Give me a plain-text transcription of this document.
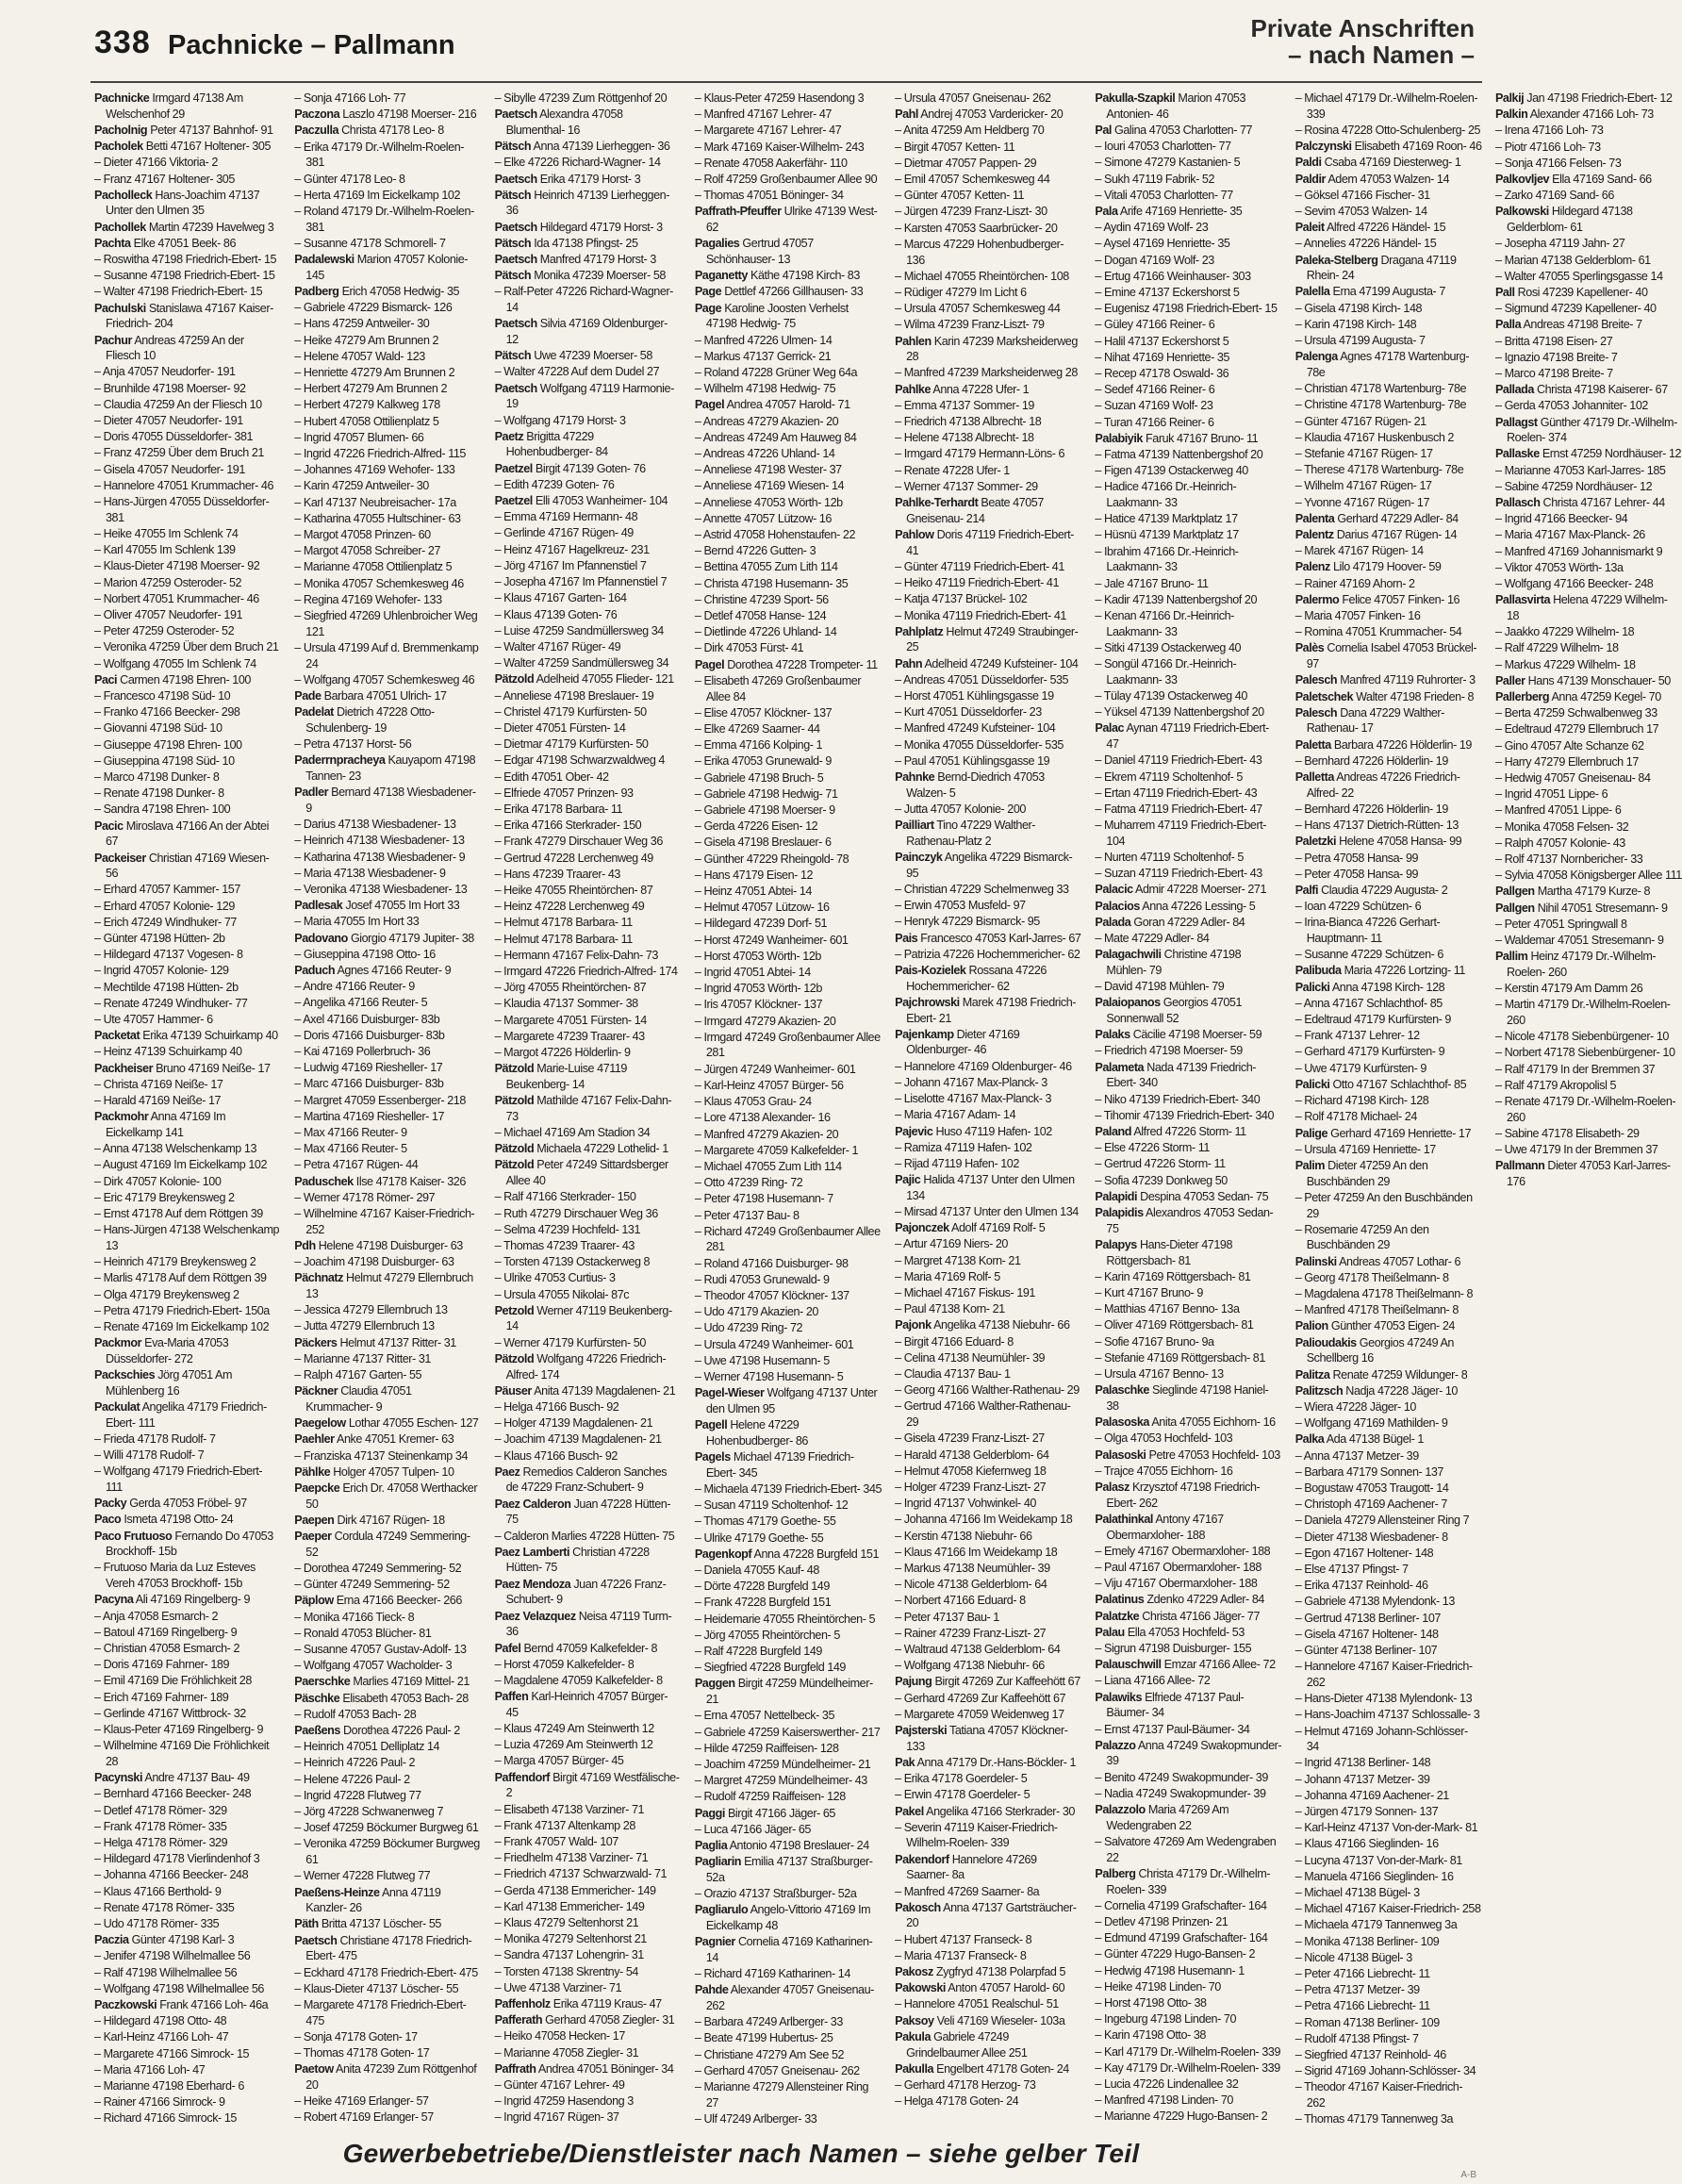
338 Pachnicke – Pallmann
Private Anschriften
– nach Namen –
Pachnicke Irmgard 47138 Am Welschenhof 29
Pacholnig Peter 47137 Bahnhof- 91
Pacholek Betti 47167 Holtener- 305
– Dieter 47166 Viktoria- 2
– Franz 47167 Holtener- 305
Pacholleck Hans-Joachim 47137 Unter den Ulmen 35
Pachollek Martin 47239 Havelweg 3
Pachta Elke 47051 Beek- 86
– Roswitha 47198 Friedrich-Ebert- 15
– Susanne 47198 Friedrich-Ebert- 15
– Walter 47198 Friedrich-Ebert- 15
Pachulski Stanislawa 47167 Kaiser-Friedrich- 204
Pachur Andreas 47259 An der Fliesch 10
– Anja 47057 Neudorfer- 191
– Brunhilde 47198 Moerser- 92
– Claudia 47259 An der Fliesch 10
– Dieter 47057 Neudorfer- 191
– Doris 47055 Düsseldorfer- 381
– Franz 47259 Über dem Bruch 21
– Gisela 47057 Neudorfer- 191
– Hannelore 47051 Krummacher- 46
– Hans-Jürgen 47055 Düsseldorfer- 381
– Heike 47055 Im Schlenk 74
– Karl 47055 Im Schlenk 139
– Klaus-Dieter 47198 Moerser- 92
– Marion 47259 Osteroder- 52
– Norbert 47051 Krummacher- 46
– Oliver 47057 Neudorfer- 191
– Peter 47259 Osteroder- 52
– Veronika 47259 Über dem Bruch 21
– Wolfgang 47055 Im Schlenk 74
Paci Carmen 47198 Ehren- 100
– Francesco 47198 Süd- 10
– Franko 47166 Beecker- 298
– Giovanni 47198 Süd- 10
– Giuseppe 47198 Ehren- 100
– Giuseppina 47198 Süd- 10
– Marco 47198 Dunker- 8
– Renate 47198 Dunker- 8
– Sandra 47198 Ehren- 100
Pacic Miroslava 47166 An der Abtei 67
Packeiser Christian 47169 Wiesen- 56
– Erhard 47057 Kammer- 157
– Erhard 47057 Kolonie- 129
– Erich 47249 Windhuker- 77
– Günter 47198 Hütten- 2b
– Hildegard 47137 Vogesen- 8
– Ingrid 47057 Kolonie- 129
– Mechtilde 47198 Hütten- 2b
– Renate 47249 Windhuker- 77
– Ute 47057 Hammer- 6
Packetat Erika 47139 Schuirkamp 40
– Heinz 47139 Schuirkamp 40
Packheiser Bruno 47169 Neiße- 17
– Christa 47169 Neiße- 17
– Harald 47169 Neiße- 17
Packmohr Anna 47169 Im Eickelkamp 141
– Anna 47138 Welschenkamp 13
– August 47169 Im Eickelkamp 102
– Dirk 47057 Kolonie- 100
– Eric 47179 Breykensweg 2
– Ernst 47178 Auf dem Röttgen 39
– Hans-Jürgen 47138 Welschenkamp 13
– Heinrich 47179 Breykensweg 2
– Marlis 47178 Auf dem Röttgen 39
– Olga 47179 Breykensweg 2
– Petra 47179 Friedrich-Ebert- 150a
– Renate 47169 Im Eickelkamp 102
Packmor Eva-Maria 47053 Düsseldorfer- 272
Packschies Jörg 47051 Am Mühlenberg 16
Packulat Angelika 47179 Friedrich-Ebert- 111
– Frieda 47178 Rudolf- 7
– Willi 47178 Rudolf- 7
– Wolfgang 47179 Friedrich-Ebert- 111
Packy Gerda 47053 Fröbel- 97
Paco Ismeta 47198 Otto- 24
Paco Frutuoso Fernando Do 47053 Brockhoff- 15b
– Frutuoso Maria da Luz Esteves Vereh 47053 Brockhoff- 15b
Pacyna Ali 47169 Ringelberg- 9
– Anja 47058 Esmarch- 2
– Batoul 47169 Ringelberg- 9
– Christian 47058 Esmarch- 2
– Doris 47169 Fahrner- 189
– Emil 47169 Die Fröhlichkeit 28
– Erich 47169 Fahrner- 189
– Gerlinde 47167 Wittbrock- 32
– Klaus-Peter 47169 Ringelberg- 9
– Wilhelmine 47169 Die Fröhlichkeit 28
Pacynski Andre 47137 Bau- 49
– Bernhard 47166 Beecker- 248
– Detlef 47178 Römer- 329
– Frank 47178 Römer- 335
– Helga 47178 Römer- 329
– Hildegard 47178 Vierlindenhof 3
– Johanna 47166 Beecker- 248
– Klaus 47166 Berthold- 9
– Renate 47178 Römer- 335
– Udo 47178 Römer- 335
Paczia Günter 47198 Karl- 3
– Jenifer 47198 Wilhelmallee 56
– Ralf 47198 Wilhelmallee 56
– Wolfgang 47198 Wilhelmallee 56
Paczkowski Frank 47166 Loh- 46a
– Hildegard 47198 Otto- 48
– Karl-Heinz 47166 Loh- 47
– Margarete 47166 Simrock- 15
– Maria 47166 Loh- 47
– Marianne 47198 Eberhard- 6
– Rainer 47166 Simrock- 9
– Richard 47166 Simrock- 15
– Sonja 47166 Loh- 77
Paczona Laszlo 47198 Moerser- 216
Paczulla Christa 47178 Leo- 8
– Erika 47179 Dr.-Wilhelm-Roelen- 381
– Günter 47178 Leo- 8
– Herta 47169 Im Eickelkamp 102
– Roland 47179 Dr.-Wilhelm-Roelen- 381
– Susanne 47178 Schmorell- 7
Padalewski Marion 47057 Kolonie- 145
Padberg Erich 47058 Hedwig- 35
– Gabriele 47229 Bismarck- 126
– Hans 47259 Antweiler- 30
– Heike 47279 Am Brunnen 2
– Helene 47057 Wald- 123
– Henriette 47279 Am Brunnen 2
– Herbert 47279 Am Brunnen 2
– Herbert 47279 Kalkweg 178
– Hubert 47058 Ottilienplatz 5
– Ingrid 47057 Blumen- 66
– Ingrid 47226 Friedrich-Alfred- 115
– Johannes 47169 Wehofer- 133
– Karin 47259 Antweiler- 30
– Karl 47137 Neubreisacher- 17a
– Katharina 47055 Hultschiner- 63
– Margot 47058 Prinzen- 60
– Margot 47058 Schreiber- 27
– Marianne 47058 Ottilienplatz 5
– Monika 47057 Schemkesweg 46
– Regina 47169 Wehofer- 133
– Siegfried 47269 Uhlenbroicher Weg 121
– Ursula 47199 Auf d. Bremmenkamp 24
– Wolfgang 47057 Schemkesweg 46
Pade Barbara 47051 Ulrich- 17
Padelat Dietrich 47228 Otto-Schulenberg- 19
– Petra 47137 Horst- 56
Paderrnpracheya Kauyaporn 47198 Tannen- 23
Padler Bernard 47138 Wiesbadener- 9
– Darius 47138 Wiesbadener- 13
– Heinrich 47138 Wiesbadener- 13
– Katharina 47138 Wiesbadener- 9
– Maria 47138 Wiesbadener- 9
– Veronika 47138 Wiesbadener- 13
Padlesak Josef 47055 Im Hort 33
– Maria 47055 Im Hort 33
Padovano Giorgio 47179 Jupiter- 38
– Giuseppina 47198 Otto- 16
Paduch Agnes 47166 Reuter- 9
– Andre 47166 Reuter- 9
– Angelika 47166 Reuter- 5
– Axel 47166 Duisburger- 83b
– Doris 47166 Duisburger- 83b
– Kai 47169 Pollerbruch- 36
– Ludwig 47169 Riesheller- 17
– Marc 47166 Duisburger- 83b
– Margret 47059 Essenberger- 218
– Martina 47169 Riesheller- 17
– Max 47166 Reuter- 9
– Max 47166 Reuter- 5
– Petra 47167 Rügen- 44
Paduschek Ilse 47178 Kaiser- 326
– Werner 47178 Römer- 297
– Wilhelmine 47167 Kaiser-Friedrich- 252
Pdh Helene 47198 Duisburger- 63
– Joachim 47198 Duisburger- 63
Pächnatz Helmut 47279 Ellernbruch 13
– Jessica 47279 Ellernbruch 13
– Jutta 47279 Ellernbruch 13
Päckers Helmut 47137 Ritter- 31
– Marianne 47137 Ritter- 31
– Ralph 47167 Garten- 55
Päckner Claudia 47051 Krummacher- 9
Paegelow Lothar 47055 Eschen- 127
Paehler Anke 47051 Kremer- 63
– Franziska 47137 Steinenkamp 34
Pählke Holger 47057 Tulpen- 10
Paepcke Erich Dr. 47058 Werthacker 50
Paepen Dirk 47167 Rügen- 18
Paeper Cordula 47249 Semmering- 52
– Dorothea 47249 Semmering- 52
– Günter 47249 Semmering- 52
Päplow Erna 47166 Beecker- 266
– Monika 47166 Tieck- 8
– Ronald 47053 Blücher- 81
– Susanne 47057 Gustav-Adolf- 13
– Wolfgang 47057 Wacholder- 3
Paerschke Marlies 47169 Mittel- 21
Päschke Elisabeth 47053 Bach- 28
– Rudolf 47053 Bach- 28
Paeßens Dorothea 47226 Paul- 2
– Heinrich 47051 Delliplatz 14
– Heinrich 47226 Paul- 2
– Helene 47226 Paul- 2
– Ingrid 47228 Flutweg 77
– Jörg 47228 Schwanenweg 7
– Josef 47259 Böckumer Burgweg 61
– Veronika 47259 Böckumer Burgweg 61
– Werner 47228 Flutweg 77
Paeßens-Heinze Anna 47119 Kanzler- 26
Päth Britta 47137 Löscher- 55
Paetsch Christiane 47178 Friedrich-Ebert- 475
– Eckhard 47178 Friedrich-Ebert- 475
– Klaus-Dieter 47137 Löscher- 55
– Margarete 47178 Friedrich-Ebert- 475
– Sonja 47178 Goten- 17
– Thomas 47178 Goten- 17
Paetow Anita 47239 Zum Röttgenhof 20
– Heike 47169 Erlanger- 57
– Robert 47169 Erlanger- 57
– Sibylle 47239 Zum Röttgenhof 20
Paetsch Alexandra 47058 Blumenthal- 16
Pätsch Anna 47139 Lierheggen- 36
– Elke 47226 Richard-Wagner- 14
Paetsch Erika 47179 Horst- 3
Pätsch Heinrich 47139 Lierheggen- 36
Paetsch Hildegard 47179 Horst- 3
Pätsch Ida 47138 Pfingst- 25
Paetsch Manfred 47179 Horst- 3
Pätsch Monika 47239 Moerser- 58
– Ralf-Peter 47226 Richard-Wagner- 14
Paetsch Silvia 47169 Oldenburger- 12
Pätsch Uwe 47239 Moerser- 58
– Walter 47228 Auf dem Dudel 27
Paetsch Wolfgang 47119 Harmonie- 19
– Wolfgang 47179 Horst- 3
Paetz Brigitta 47229 Hohenbudberger- 84
Paetzel Birgit 47139 Goten- 76
– Edith 47239 Goten- 76
Paetzel Elli 47053 Wanheimer- 104
– Emma 47169 Hermann- 48
– Gerlinde 47167 Rügen- 49
– Heinz 47167 Hagelkreuz- 231
– Jörg 47167 Im Pfannenstiel 7
– Josepha 47167 Im Pfannenstiel 7
– Klaus 47167 Garten- 164
– Klaus 47139 Goten- 76
– Luise 47259 Sandmüllersweg 34
– Walter 47167 Rüger- 49
– Walter 47259 Sandmüllersweg 34
Pätzold Adelheid 47055 Flieder- 121
– Anneliese 47198 Breslauer- 19
– Christel 47179 Kurfürsten- 50
– Dieter 47051 Fürsten- 14
– Dietmar 47179 Kurfürsten- 50
– Edgar 47198 Schwarzwaldweg 4
– Edith 47051 Ober- 42
– Elfriede 47057 Prinzen- 93
– Erika 47178 Barbara- 11
– Erika 47166 Sterkrader- 150
– Frank 47279 Dirschauer Weg 36
– Gertrud 47228 Lerchenweg 49
– Hans 47239 Traarer- 43
– Heike 47055 Rheintörchen- 87
– Heinz 47228 Lerchenweg 49
– Helmut 47178 Barbara- 11
– Helmut 47178 Barbara- 11
– Hermann 47167 Felix-Dahn- 73
– Irmgard 47226 Friedrich-Alfred- 174
– Jörg 47055 Rheintörchen- 87
– Klaudia 47137 Sommer- 38
– Margarete 47051 Fürsten- 14
– Margarete 47239 Traarer- 43
– Margot 47226 Hölderlin- 9
Pätzold Marie-Luise 47119 Beukenberg- 14
Pätzold Mathilde 47167 Felix-Dahn- 73
– Michael 47169 Am Stadion 34
Pätzold Michaela 47229 Lothelid- 1
Pätzold Peter 47249 Sittardsberger Allee 40
– Ralf 47166 Sterkrader- 150
– Ruth 47279 Dirschauer Weg 36
– Selma 47239 Hochfeld- 131
– Thomas 47239 Traarer- 43
– Torsten 47139 Ostackerweg 8
– Ulrike 47053 Curtius- 3
– Ursula 47055 Nikolai- 87c
Petzold Werner 47119 Beukenberg- 14
– Werner 47179 Kurfürsten- 50
Pätzold Wolfgang 47226 Friedrich-Alfred- 174
Päuser Anita 47139 Magdalenen- 21
– Helga 47166 Busch- 92
– Holger 47139 Magdalenen- 21
– Joachim 47139 Magdalenen- 21
– Klaus 47166 Busch- 92
Paez Remedios Calderon Sanches de 47229 Franz-Schubert- 9
Paez Calderon Juan 47228 Hütten- 75
– Calderon Marlies 47228 Hütten- 75
Paez Lamberti Christian 47228 Hütten- 75
Paez Mendoza Juan 47226 Franz-Schubert- 9
Paez Velazquez Neisa 47119 Turm- 36
Pafel Bernd 47059 Kalkefelder- 8
– Horst 47059 Kalkefelder- 8
– Magdalene 47059 Kalkefelder- 8
Paffen Karl-Heinrich 47057 Bürger- 45
– Klaus 47249 Am Steinwerth 12
– Luzia 47269 Am Steinwerth 12
– Marga 47057 Bürger- 45
Paffendorf Birgit 47169 Westfälische- 2
– Elisabeth 47138 Varziner- 71
– Frank 47137 Altenkamp 28
– Frank 47057 Wald- 107
– Friedhelm 47138 Varziner- 71
– Friedrich 47137 Schwarzwald- 71
– Gerda 47138 Emmericher- 149
– Karl 47138 Emmericher- 149
– Klaus 47279 Seltenhorst 21
– Monika 47279 Seltenhorst 21
– Sandra 47137 Lohengrin- 31
– Torsten 47138 Skrentny- 54
– Uwe 47138 Varziner- 71
Paffenholz Erika 47119 Kraus- 47
Pafferath Gerhard 47058 Ziegler- 31
– Heiko 47058 Hecken- 17
– Marianne 47058 Ziegler- 31
Paffrath Andrea 47051 Böninger- 34
– Günter 47167 Lehrer- 49
– Ingrid 47259 Hasendong 3
– Ingrid 47167 Rügen- 37
– Klaus-Peter 47259 Hasendong 3
– Manfred 47167 Lehrer- 47
– Margarete 47167 Lehrer- 47
– Mark 47169 Kaiser-Wilhelm- 243
– Renate 47058 Aakerfähr- 110
– Rolf 47259 Großenbaumer Allee 90
– Thomas 47051 Böninger- 34
Paffrath-Pfeuffer Ulrike 47139 West- 62
Pagalies Gertrud 47057 Schönhauser- 13
Paganetty Käthe 47198 Kirch- 83
Page Dettlef 47266 Gillhausen- 33
Page Karoline Joosten Verhelst 47198 Hedwig- 75
– Manfred 47226 Ulmen- 14
– Markus 47137 Gerrick- 21
– Roland 47228 Grüner Weg 64a
– Wilhelm 47198 Hedwig- 75
Pagel Andrea 47057 Harold- 71
– Andreas 47279 Akazien- 20
– Andreas 47249 Am Hauweg 84
– Andreas 47226 Uhland- 14
– Anneliese 47198 Wester- 37
– Anneliese 47169 Wiesen- 14
– Anneliese 47053 Wörth- 12b
– Annette 47057 Lützow- 16
– Astrid 47058 Hohenstaufen- 22
– Bernd 47226 Gutten- 3
– Bettina 47055 Zum Lith 114
– Christa 47198 Husemann- 35
– Christine 47239 Sport- 56
– Detlef 47058 Hanse- 124
– Dietlinde 47226 Uhland- 14
– Dirk 47053 Fürst- 41
Pagel Dorothea 47228 Trompeter- 11
– Elisabeth 47269 Großenbaumer Allee 84
– Elise 47057 Klöckner- 137
– Elke 47269 Saarner- 44
– Emma 47166 Kolping- 1
– Erika 47053 Grunewald- 9
– Gabriele 47198 Bruch- 5
– Gabriele 47198 Hedwig- 71
– Gabriele 47198 Moerser- 9
– Gerda 47226 Eisen- 12
– Gisela 47198 Breslauer- 6
– Günther 47229 Rheingold- 78
– Hans 47179 Eisen- 12
– Heinz 47051 Abtei- 14
– Helmut 47057 Lützow- 16
– Hildegard 47239 Dorf- 51
– Horst 47249 Wanheimer- 601
– Horst 47053 Wörth- 12b
– Ingrid 47051 Abtei- 14
– Ingrid 47053 Wörth- 12b
– Iris 47057 Klöckner- 137
– Irmgard 47279 Akazien- 20
– Irmgard 47249 Großenbaumer Allee 281
– Jürgen 47249 Wanheimer- 601
– Karl-Heinz 47057 Bürger- 56
– Klaus 47053 Grau- 24
– Lore 47138 Alexander- 16
– Manfred 47279 Akazien- 20
– Margarete 47059 Kalkefelder- 1
– Michael 47055 Zum Lith 114
– Otto 47239 Ring- 72
– Peter 47198 Husemann- 7
– Peter 47137 Bau- 8
– Richard 47249 Großenbaumer Allee 281
– Roland 47166 Duisburger- 98
– Rudi 47053 Grunewald- 9
– Theodor 47057 Klöckner- 137
– Udo 47179 Akazien- 20
– Udo 47239 Ring- 72
– Ursula 47249 Wanheimer- 601
– Uwe 47198 Husemann- 5
– Werner 47198 Husemann- 5
Pagel-Wieser Wolfgang 47137 Unter den Ulmen 95
Pagell Helene 47229 Hohenbudberger- 86
Pagels Michael 47139 Friedrich-Ebert- 345
– Michaela 47139 Friedrich-Ebert- 345
– Susan 47119 Scholtenhof- 12
– Thomas 47179 Goethe- 55
– Ulrike 47179 Goethe- 55
Pagenkopf Anna 47228 Burgfeld 151
– Daniela 47055 Kauf- 48
– Dörte 47228 Burgfeld 149
– Frank 47228 Burgfeld 151
– Heidemarie 47055 Rheintörchen- 5
– Jörg 47055 Rheintörchen- 5
– Ralf 47228 Burgfeld 149
– Siegfried 47228 Burgfeld 149
Paggen Birgit 47259 Mündelheimer- 21
– Erna 47057 Nettelbeck- 35
– Gabriele 47259 Kaiserswerther- 217
– Hilde 47259 Raiffeisen- 128
– Joachim 47259 Mündelheimer- 21
– Margret 47259 Mündelheimer- 43
– Rudolf 47259 Raiffeisen- 128
Paggi Birgit 47166 Jäger- 65
– Luca 47166 Jäger- 65
Paglia Antonio 47198 Breslauer- 24
Pagliarin Emilia 47137 Straßburger- 52a
– Orazio 47137 Straßburger- 52a
Pagliarulo Angelo-Vittorio 47169 Im Eickelkamp 48
Pagnier Cornelia 47169 Katharinen- 14
– Richard 47169 Katharinen- 14
Pahde Alexander 47057 Gneisenau- 262
– Barbara 47249 Arlberger- 33
– Beate 47199 Hubertus- 25
– Christiane 47279 Am See 52
– Gerhard 47057 Gneisenau- 262
– Marianne 47279 Allensteiner Ring 27
– Ulf 47249 Arlberger- 33
– Ursula 47057 Gneisenau- 262
Pahl Andrej 47053 Vardericker- 20
– Anita 47259 Am Heldberg 70
– Birgit 47057 Ketten- 11
– Dietmar 47057 Pappen- 29
– Emil 47057 Schemkesweg 44
– Günter 47057 Ketten- 11
– Jürgen 47239 Franz-Liszt- 30
– Karsten 47053 Saarbrücker- 20
– Marcus 47229 Hohenbudberger- 136
– Michael 47055 Rheintörchen- 108
– Rüdiger 47279 Im Licht 6
– Ursula 47057 Schemkesweg 44
– Wilma 47239 Franz-Liszt- 79
Pahlen Karin 47239 Marksheiderweg 28
– Manfred 47239 Marksheiderweg 28
Pahlke Anna 47228 Ufer- 1
– Emma 47137 Sommer- 19
– Friedrich 47138 Albrecht- 18
– Helene 47138 Albrecht- 18
– Irmgard 47179 Hermann-Löns- 6
– Renate 47228 Ufer- 1
– Werner 47137 Sommer- 29
Pahlke-Terhardt Beate 47057 Gneisenau- 214
Pahlow Doris 47119 Friedrich-Ebert- 41
– Günter 47119 Friedrich-Ebert- 41
– Heiko 47119 Friedrich-Ebert- 41
– Katja 47137 Brückel- 102
– Monika 47119 Friedrich-Ebert- 41
Pahlplatz Helmut 47249 Straubinger- 25
Pahn Adelheid 47249 Kufsteiner- 104
– Andreas 47051 Düsseldorfer- 535
– Horst 47051 Kühlingsgasse 19
– Kurt 47051 Düsseldorfer- 23
– Manfred 47249 Kufsteiner- 104
– Monika 47055 Düsseldorfer- 535
– Paul 47051 Kühlingsgasse 19
Pahnke Bernd-Diedrich 47053 Walzen- 5
– Jutta 47057 Kolonie- 200
Pailliart Tino 47229 Walther-Rathenau-Platz 2
Painczyk Angelika 47229 Bismarck- 95
– Christian 47229 Schelmenweg 33
– Erwin 47053 Musfeld- 97
– Henryk 47229 Bismarck- 95
Pais Francesco 47053 Karl-Jarres- 67
– Patrizia 47226 Hochemmericher- 62
Pais-Kozielek Rossana 47226 Hochemmericher- 62
Pajchrowski Marek 47198 Friedrich-Ebert- 21
Pajenkamp Dieter 47169 Oldenburger- 46
– Hannelore 47169 Oldenburger- 46
– Johann 47167 Max-Planck- 3
– Liselotte 47167 Max-Planck- 3
– Maria 47167 Adam- 14
Pajevic Huso 47119 Hafen- 102
– Ramiza 47119 Hafen- 102
– Rijad 47119 Hafen- 102
Pajic Halida 47137 Unter den Ulmen 134
– Mirsad 47137 Unter den Ulmen 134
Pajonczek Adolf 47169 Rolf- 5
– Artur 47169 Niers- 20
– Margret 47138 Korn- 21
– Maria 47169 Rolf- 5
– Michael 47167 Fiskus- 191
– Paul 47138 Korn- 21
Pajonk Angelika 47138 Niebuhr- 66
– Birgit 47166 Eduard- 8
– Celina 47138 Neumühler- 39
– Claudia 47137 Bau- 1
– Georg 47166 Walther-Rathenau- 29
– Gertrud 47166 Walther-Rathenau- 29
– Gisela 47239 Franz-Liszt- 27
– Harald 47138 Gelderblom- 64
– Helmut 47058 Kiefernweg 18
– Holger 47239 Franz-Liszt- 27
– Ingrid 47137 Vohwinkel- 40
– Johanna 47166 Im Weidekamp 18
– Kerstin 47138 Niebuhr- 66
– Klaus 47166 Im Weidekamp 18
– Markus 47138 Neumühler- 39
– Nicole 47138 Gelderblom- 64
– Norbert 47166 Eduard- 8
– Peter 47137 Bau- 1
– Rainer 47239 Franz-Liszt- 27
– Waltraud 47138 Gelderblom- 64
– Wolfgang 47138 Niebuhr- 66
Pajung Birgit 47269 Zur Kaffeehött 67
– Gerhard 47269 Zur Kaffeehött 67
– Margarete 47059 Weidenweg 17
Pajsterski Tatiana 47057 Klöckner- 133
Pak Anna 47179 Dr.-Hans-Böckler- 1
– Erika 47178 Goerdeler- 5
– Erwin 47178 Goerdeler- 5
Pakel Angelika 47166 Sterkrader- 30
– Severin 47119 Kaiser-Friedrich-Wilhelm-Roelen- 339
Pakendorf Hannelore 47269 Saarner- 8a
– Manfred 47269 Saarner- 8a
Pakosch Anna 47137 Gartsträucher- 20
– Hubert 47137 Franseck- 8
– Maria 47137 Franseck- 8
Pakosz Zygfryd 47138 Polarpfad 5
Pakowski Anton 47057 Harold- 60
– Hannelore 47051 Realschul- 51
Paksoy Veli 47169 Wieseler- 103a
Pakula Gabriele 47249 Grindelbaumer Allee 251
Pakulla Engelbert 47178 Goten- 24
– Gerhard 47178 Herzog- 73
– Helga 47178 Goten- 24
Pakulla-Szapkil Marion 47053 Antonien- 46
Pal Galina 47053 Charlotten- 77
– Iouri 47053 Charlotten- 77
– Simone 47279 Kastanien- 5
– Sukh 47119 Fabrik- 52
– Vitali 47053 Charlotten- 77
Pala Arife 47169 Henriette- 35
– Aydin 47169 Wolf- 23
– Aysel 47169 Henriette- 35
– Dogan 47169 Wolf- 23
– Ertug 47166 Weinhauser- 303
– Emine 47137 Eckershorst 5
– Eugenisz 47198 Friedrich-Ebert- 15
– Güley 47166 Reiner- 6
– Halil 47137 Eckershorst 5
– Nihat 47169 Henriette- 35
– Recep 47178 Oswald- 36
– Sedef 47166 Reiner- 6
– Suzan 47169 Wolf- 23
– Turan 47166 Reiner- 6
Palabiyik Faruk 47167 Bruno- 11
– Fatma 47139 Nattenbergshof 20
– Figen 47139 Ostackerweg 40
– Hadice 47166 Dr.-Heinrich-Laakmann- 33
– Hatice 47139 Marktplatz 17
– Hüsnü 47139 Marktplatz 17
– Ibrahim 47166 Dr.-Heinrich-Laakmann- 33
– Jale 47167 Bruno- 11
– Kadir 47139 Nattenbergshof 20
– Kenan 47166 Dr.-Heinrich-Laakmann- 33
– Sitki 47139 Ostackerweg 40
– Songül 47166 Dr.-Heinrich-Laakmann- 33
– Tülay 47139 Ostackerweg 40
– Yüksel 47139 Nattenbergshof 20
Palac Aynan 47119 Friedrich-Ebert- 47
– Daniel 47119 Friedrich-Ebert- 43
– Ekrem 47119 Scholtenhof- 5
– Ertan 47119 Friedrich-Ebert- 43
– Fatma 47119 Friedrich-Ebert- 47
– Muharrem 47119 Friedrich-Ebert- 104
– Nurten 47119 Scholtenhof- 5
– Suzan 47119 Friedrich-Ebert- 43
Palacic Admir 47228 Moerser- 271
Palacios Anna 47226 Lessing- 5
Palada Goran 47229 Adler- 84
– Mate 47229 Adler- 84
Palagachwili Christine 47198 Mühlen- 79
– David 47198 Mühlen- 79
Palaiopanos Georgios 47051 Sonnenwall 52
Palaks Cäcilie 47198 Moerser- 59
– Friedrich 47198 Moerser- 59
Palameta Nada 47139 Friedrich-Ebert- 340
– Niko 47139 Friedrich-Ebert- 340
– Tihomir 47139 Friedrich-Ebert- 340
Paland Alfred 47226 Storm- 11
– Else 47226 Storm- 11
– Gertrud 47226 Storm- 11
– Sofia 47239 Donkweg 50
Palapidi Despina 47053 Sedan- 75
Palapidis Alexandros 47053 Sedan- 75
Palapys Hans-Dieter 47198 Röttgersbach- 81
– Karin 47169 Röttgersbach- 81
– Kurt 47167 Bruno- 9
– Matthias 47167 Benno- 13a
– Oliver 47169 Röttgersbach- 81
– Sofie 47167 Bruno- 9a
– Stefanie 47169 Röttgersbach- 81
– Ursula 47167 Benno- 13
Palaschke Sieglinde 47198 Haniel- 38
Palasoska Anita 47055 Eichhorn- 16
– Olga 47053 Hochfeld- 103
Palasoski Petre 47053 Hochfeld- 103
– Trajce 47055 Eichhorn- 16
Palasz Krzysztof 47198 Friedrich-Ebert- 262
Palathinkal Antony 47167 Obermarxloher- 188
– Emely 47167 Obermarxloher- 188
– Paul 47167 Obermarxloher- 188
– Viju 47167 Obermarxloher- 188
Palatinus Zdenko 47229 Adler- 84
Palatzke Christa 47166 Jäger- 77
Palau Ella 47053 Hochfeld- 53
– Sigrun 47198 Duisburger- 155
Palauschwill Emzar 47166 Allee- 72
– Liana 47166 Allee- 72
Palawiks Elfriede 47137 Paul-Bäumer- 34
– Ernst 47137 Paul-Bäumer- 34
Palazzo Anna 47249 Swakopmunder- 39
– Benito 47249 Swakopmunder- 39
– Nadia 47249 Swakopmunder- 39
Palazzolo Maria 47269 Am Wedengraben 22
– Salvatore 47269 Am Wedengraben 22
Palberg Christa 47179 Dr.-Wilhelm-Roelen- 339
– Cornelia 47199 Grafschafter- 164
– Detlev 47198 Prinzen- 21
– Edmund 47199 Grafschafter- 164
– Günter 47229 Hugo-Bansen- 2
– Hedwig 47198 Husemann- 1
– Heike 47198 Linden- 70
– Horst 47198 Otto- 38
– Ingeburg 47198 Linden- 70
– Karin 47198 Otto- 38
– Karl 47179 Dr.-Wilhelm-Roelen- 339
– Kay 47179 Dr.-Wilhelm-Roelen- 339
– Lucia 47226 Lindenallee 32
– Manfred 47198 Linden- 70
– Marianne 47229 Hugo-Bansen- 2
– Michael 47179 Dr.-Wilhelm-Roelen- 339
– Rosina 47228 Otto-Schulenberg- 25
Palczynski Elisabeth 47169 Roon- 46
Paldi Csaba 47169 Diesterweg- 1
Paldir Adem 47053 Walzen- 14
– Göksel 47166 Fischer- 31
– Sevim 47053 Walzen- 14
Paleit Alfred 47226 Händel- 15
– Annelies 47226 Händel- 15
Paleka-Stelberg Dragana 47119 Rhein- 24
Palella Erna 47199 Augusta- 7
– Gisela 47198 Kirch- 148
– Karin 47198 Kirch- 148
– Ursula 47199 Augusta- 7
Palenga Agnes 47178 Wartenburg- 78e
– Christian 47178 Wartenburg- 78e
– Christine 47178 Wartenburg- 78e
– Günter 47167 Rügen- 21
– Klaudia 47167 Huskenbusch 2
– Stefanie 47167 Rügen- 17
– Therese 47178 Wartenburg- 78e
– Wilhelm 47167 Rügen- 17
– Yvonne 47167 Rügen- 17
Palenta Gerhard 47229 Adler- 84
Palentz Darius 47167 Rügen- 14
– Marek 47167 Rügen- 14
Palenz Lilo 47179 Hoover- 59
– Rainer 47169 Ahorn- 2
Palermo Felice 47057 Finken- 16
– Maria 47057 Finken- 16
– Romina 47051 Krummacher- 54
Palès Cornelia Isabel 47053 Brückel- 97
Palesch Manfred 47119 Ruhrorter- 3
Paletschek Walter 47198 Frieden- 8
Palesch Dana 47229 Walther-Rathenau- 17
Paletta Barbara 47226 Hölderlin- 19
– Bernhard 47226 Hölderlin- 19
Palletta Andreas 47226 Friedrich-Alfred- 22
– Bernhard 47226 Hölderlin- 19
– Hans 47137 Dietrich-Rütten- 13
Paletzki Helene 47058 Hansa- 99
– Petra 47058 Hansa- 99
– Peter 47058 Hansa- 99
Palfi Claudia 47229 Augusta- 2
– Ioan 47229 Schützen- 6
– Irina-Bianca 47226 Gerhart-Hauptmann- 11
– Susanne 47229 Schützen- 6
Palibuda Maria 47226 Lortzing- 11
Palicki Anna 47198 Kirch- 128
– Anna 47167 Schlachthof- 85
– Edeltraud 47179 Kurfürsten- 9
– Frank 47137 Lehrer- 12
– Gerhard 47179 Kurfürsten- 9
– Uwe 47179 Kurfürsten- 9
Palicki Otto 47167 Schlachthof- 85
– Richard 47198 Kirch- 128
– Rolf 47178 Michael- 24
Palige Gerhard 47169 Henriette- 17
– Ursula 47169 Henriette- 17
Palim Dieter 47259 An den Buschbänden 29
– Peter 47259 An den Buschbänden 29
– Rosemarie 47259 An den Buschbänden 29
Palinski Andreas 47057 Lothar- 6
– Georg 47178 Theißelmann- 8
– Magdalena 47178 Theißelmann- 8
– Manfred 47178 Theißelmann- 8
Palion Günther 47053 Eigen- 24
Palioudakis Georgios 47249 An Schellberg 16
Palitza Renate 47259 Wildunger- 8
Palitzsch Nadja 47228 Jäger- 10
– Wiera 47228 Jäger- 10
– Wolfgang 47169 Mathilden- 9
Palka Ada 47138 Bügel- 1
– Anna 47137 Metzer- 39
– Barbara 47179 Sonnen- 137
– Bogustaw 47053 Traugott- 14
– Christoph 47169 Aachener- 7
– Daniela 47279 Allensteiner Ring 7
– Dieter 47138 Wiesbadener- 8
– Egon 47167 Holtener- 148
– Else 47137 Pfingst- 7
– Erika 47137 Reinhold- 46
– Gabriele 47138 Mylendonk- 13
– Gertrud 47138 Berliner- 107
– Gisela 47167 Holtener- 148
– Günter 47138 Berliner- 107
– Hannelore 47167 Kaiser-Friedrich- 262
– Hans-Dieter 47138 Mylendonk- 13
– Hans-Joachim 47137 Schlossalle- 3
– Helmut 47169 Johann-Schlösser- 34
– Ingrid 47138 Berliner- 148
– Johann 47137 Metzer- 39
– Johanna 47169 Aachener- 21
– Jürgen 47179 Sonnen- 137
– Karl-Heinz 47137 Von-der-Mark- 81
– Klaus 47166 Sieglinden- 16
– Lucyna 47137 Von-der-Mark- 81
– Manuela 47166 Sieglinden- 16
– Michael 47138 Bügel- 3
– Michael 47167 Kaiser-Friedrich- 258
– Michaela 47179 Tannenweg 3a
– Monika 47138 Berliner- 109
– Nicole 47138 Bügel- 3
– Peter 47166 Liebrecht- 11
– Petra 47137 Metzer- 39
– Petra 47166 Liebrecht- 11
– Roman 47138 Berliner- 109
– Rudolf 47138 Pfingst- 7
– Siegfried 47137 Reinhold- 46
– Sigrid 47169 Johann-Schlösser- 34
– Theodor 47167 Kaiser-Friedrich- 262
– Thomas 47179 Tannenweg 3a
Palkij Jan 47198 Friedrich-Ebert- 12
Palkin Alexander 47166 Loh- 73
– Irena 47166 Loh- 73
– Piotr 47166 Loh- 73
– Sonja 47166 Felsen- 73
Palkovljev Ella 47169 Sand- 66
– Zarko 47169 Sand- 66
Palkowski Hildegard 47138 Gelderblom- 61
– Josepha 47119 Jahn- 27
– Marian 47138 Gelderblom- 61
– Walter 47055 Sperlingsgasse 14
Pall Rosi 47239 Kapellener- 40
– Sigmund 47239 Kapellener- 40
Palla Andreas 47198 Breite- 7
– Britta 47198 Eisen- 27
– Ignazio 47198 Breite- 7
– Marco 47198 Breite- 7
Pallada Christa 47198 Kaiserer- 67
– Gerda 47053 Johanniter- 102
Pallagst Günther 47179 Dr.-Wilhelm-Roelen- 374
Pallaske Ernst 47259 Nordhäuser- 12
– Marianne 47053 Karl-Jarres- 185
– Sabine 47259 Nordhäuser- 12
Pallasch Christa 47167 Lehrer- 44
– Ingrid 47166 Beecker- 94
– Maria 47167 Max-Planck- 26
– Manfred 47169 Johannismarkt 9
– Viktor 47053 Wörth- 13a
– Wolfgang 47166 Beecker- 248
Pallasvirta Helena 47229 Wilhelm- 18
– Jaakko 47229 Wilhelm- 18
– Ralf 47229 Wilhelm- 18
– Markus 47229 Wilhelm- 18
Paller Hans 47139 Monschauer- 50
Pallerberg Anna 47259 Kegel- 70
– Berta 47259 Schwalbenweg 33
– Edeltraud 47279 Ellernbruch 17
– Gino 47057 Alte Schanze 62
– Harry 47279 Ellernbruch 17
– Hedwig 47057 Gneisenau- 84
– Ingrid 47051 Lippe- 6
– Manfred 47051 Lippe- 6
– Monika 47058 Felsen- 32
– Ralph 47057 Kolonie- 43
– Rolf 47137 Nornbericher- 33
– Sylvia 47058 Königsberger Allee 111
Pallgen Martha 47179 Kurze- 8
Pallgen Nihil 47051 Stresemann- 9
– Peter 47051 Springwall 8
– Waldemar 47051 Stresemann- 9
Pallim Heinz 47179 Dr.-Wilhelm-Roelen- 260
– Kerstin 47179 Am Damm 26
– Martin 47179 Dr.-Wilhelm-Roelen- 260
– Nicole 47178 Siebenbürgener- 10
– Norbert 47178 Siebenbürgener- 10
– Ralf 47179 In der Bremmen 37
– Ralf 47179 Akropolisl 5
– Renate 47179 Dr.-Wilhelm-Roelen- 260
– Sabine 47178 Elisabeth- 29
– Uwe 47179 In der Bremmen 37
Pallmann Dieter 47053 Karl-Jarres- 176
Gewerbebetriebe/Dienstleister nach Namen – siehe gelber Teil
A-B
